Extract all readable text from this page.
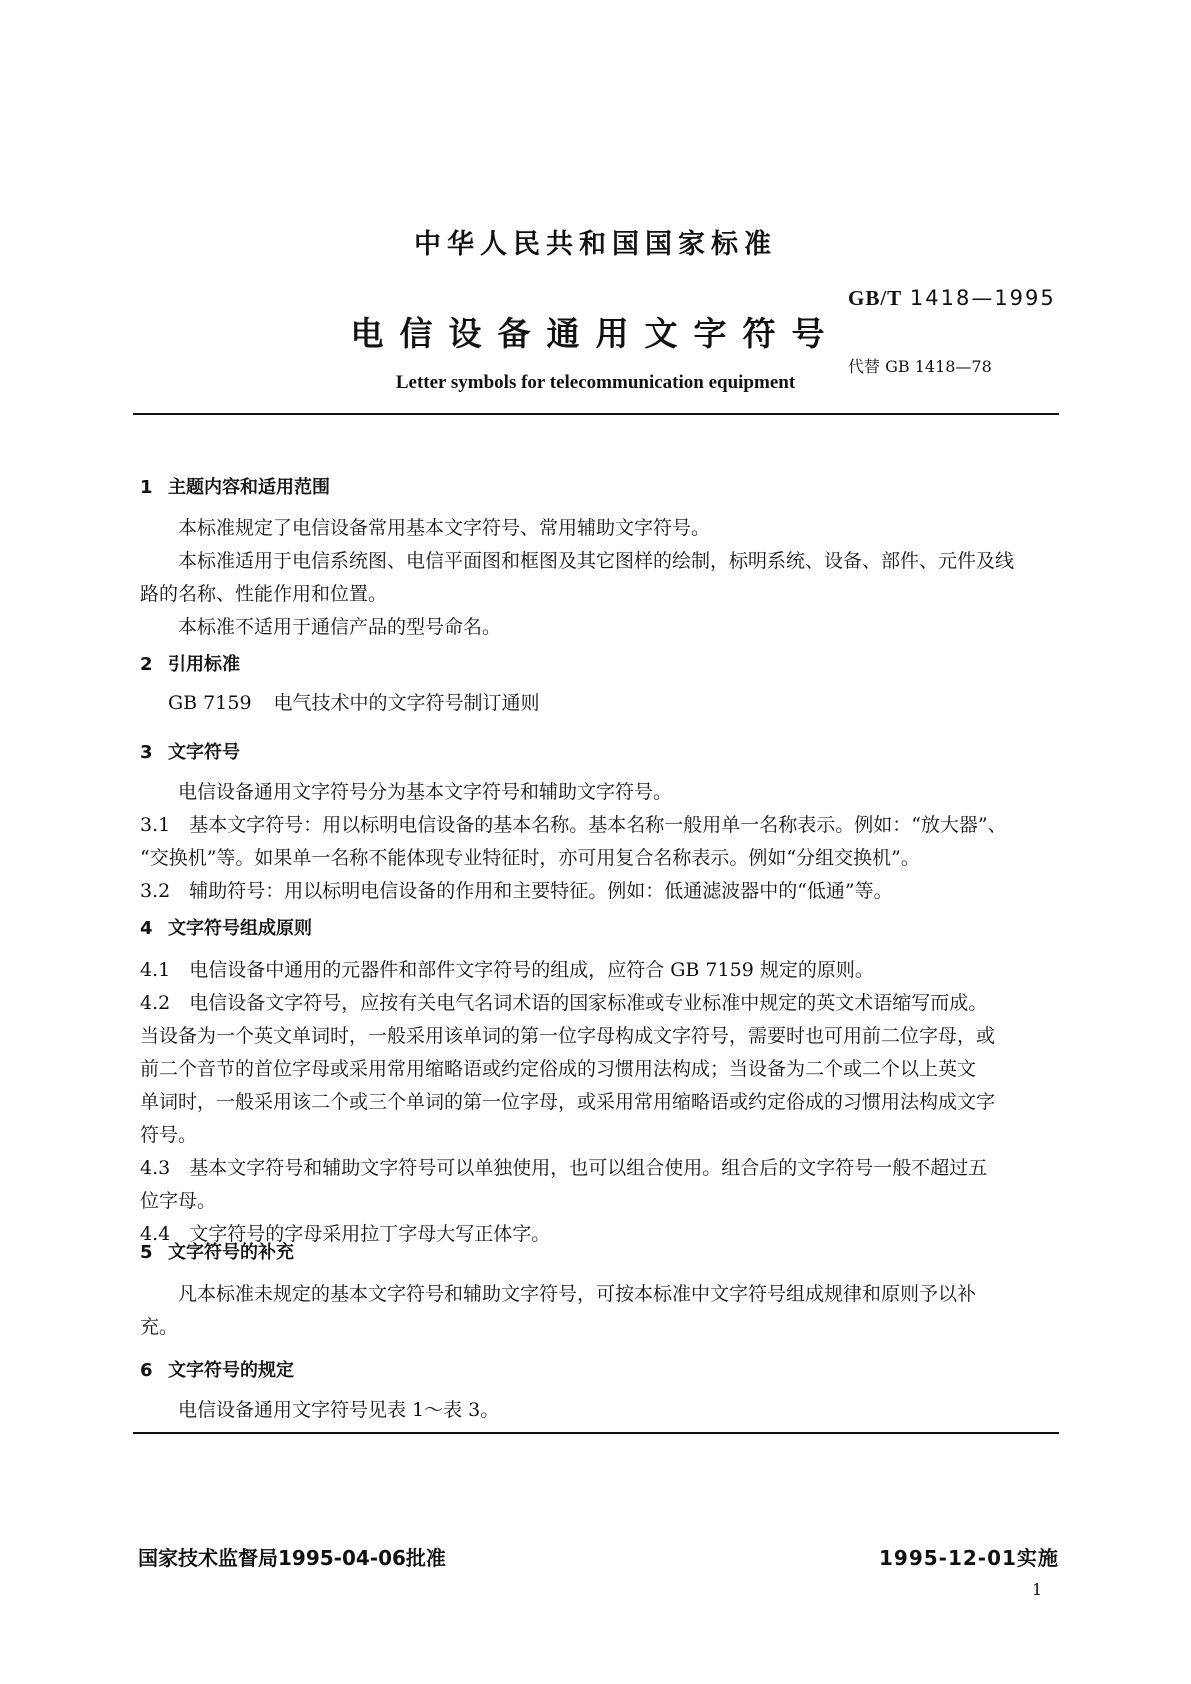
中华人民共和国国家标准
GB/T 1418—1995
电信设备通用文字符号
代替 GB 1418—78
Letter symbols for telecommunication equipment
1 主题内容和适用范围
本标准规定了电信设备常用基本文字符号、常用辅助文字符号。
本标准适用于电信系统图、电信平面图和框图及其它图样的绘制，标明系统、设备、部件、元件及线
路的名称、性能作用和位置。
本标准不适用于通信产品的型号命名。
2 引用标准
GB 7159 电气技术中的文字符号制订通则
3 文字符号
电信设备通用文字符号分为基本文字符号和辅助文字符号。
3.1　基本文字符号：用以标明电信设备的基本名称。基本名称一般用单一名称表示。例如：“放大器”、
“交换机”等。如果单一名称不能体现专业特征时，亦可用复合名称表示。例如“分组交换机”。
3.2　辅助符号：用以标明电信设备的作用和主要特征。例如：低通滤波器中的“低通”等。
4 文字符号组成原则
4.1　电信设备中通用的元器件和部件文字符号的组成，应符合 GB 7159 规定的原则。
4.2　电信设备文字符号，应按有关电气名词术语的国家标准或专业标准中规定的英文术语缩写而成。
当设备为一个英文单词时，一般采用该单词的第一位字母构成文字符号，需要时也可用前二位字母，或
前二个音节的首位字母或采用常用缩略语或约定俗成的习惯用法构成；当设备为二个或二个以上英文
单词时，一般采用该二个或三个单词的第一位字母，或采用常用缩略语或约定俗成的习惯用法构成文字
符号。
4.3　基本文字符号和辅助文字符号可以单独使用，也可以组合使用。组合后的文字符号一般不超过五
位字母。
4.4　文字符号的字母采用拉丁字母大写正体字。
5 文字符号的补充
凡本标准未规定的基本文字符号和辅助文字符号，可按本标准中文字符号组成规律和原则予以补
充。
6 文字符号的规定
电信设备通用文字符号见表 1～表 3。
国家技术监督局1995-04-06批准	1995-12-01实施
1
